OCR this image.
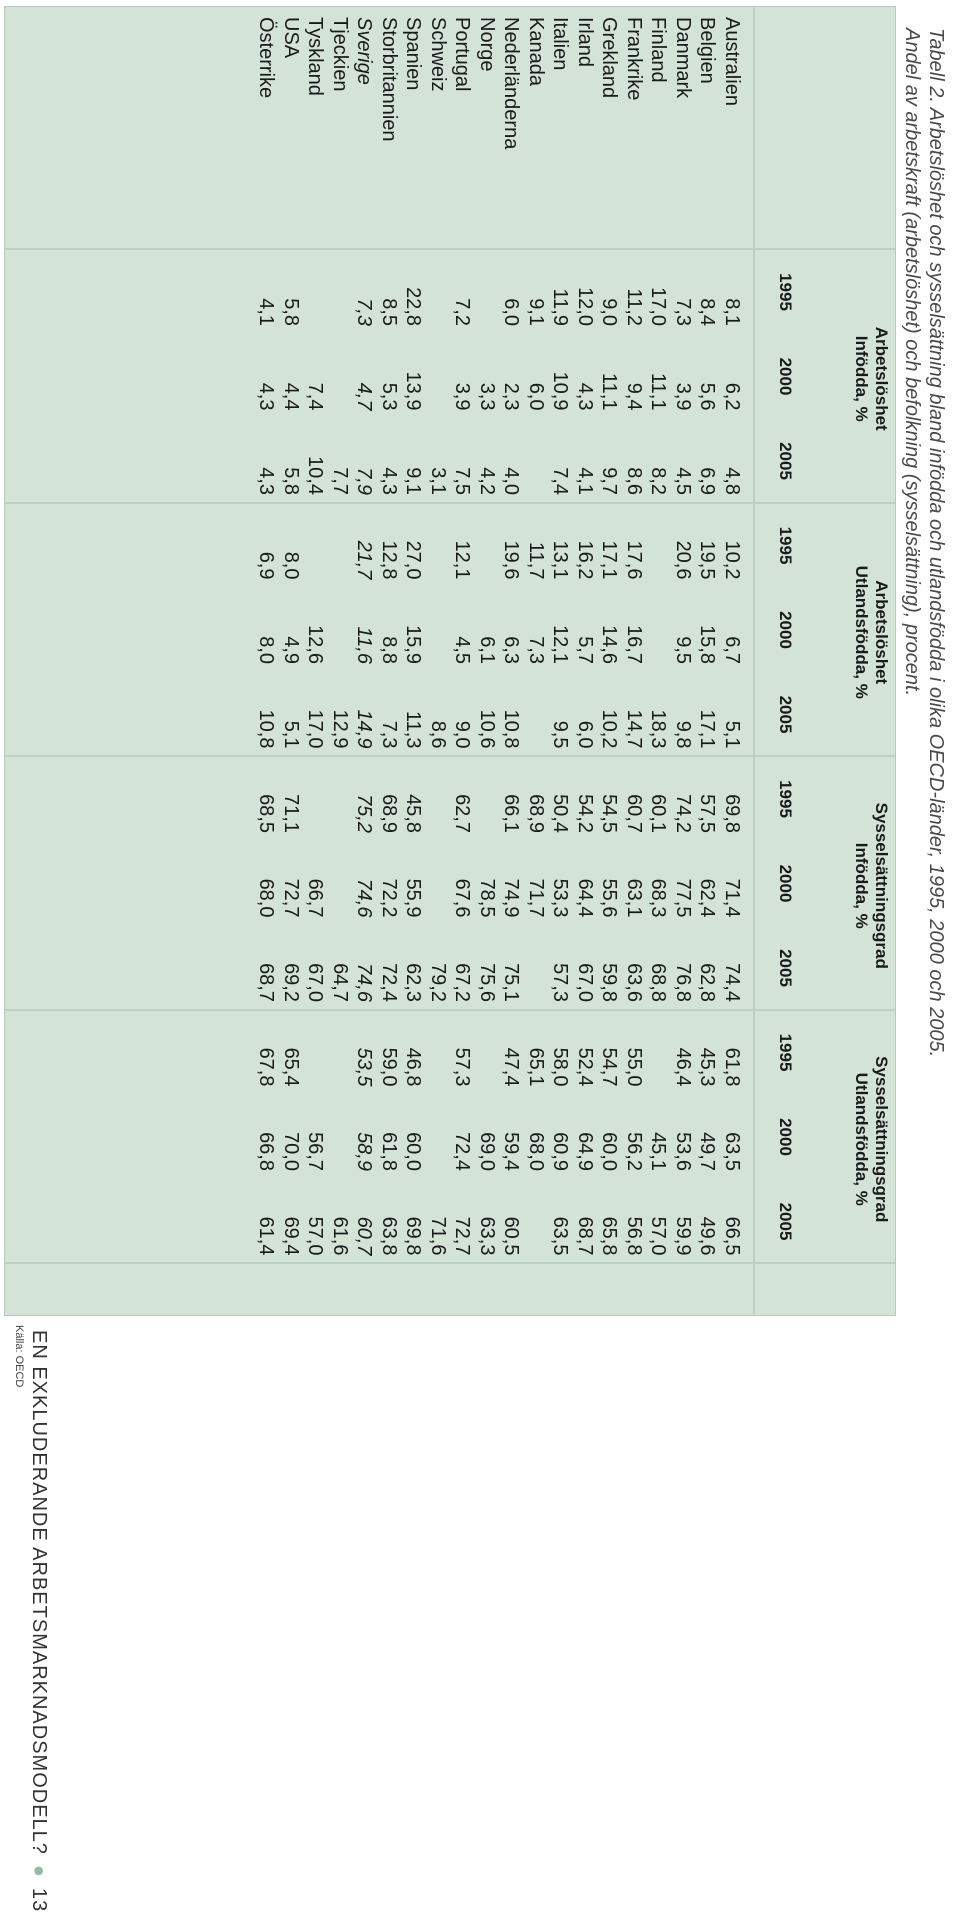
Tabell 2. Arbetslöshet och sysselsättning bland infödda och utlandsfödda i olika OECD-länder, 1995, 2000 och 2005.
Andel av arbetskraft (arbetslöshet) och befolkning (sysselsättning), procent.
Arbetslöshet
Infödda, %
1995
2000
2005
Arbetslöshet
Utlandsfödda, %
1995
2000
2005
Sysselsättningsgrad
Infödda, %
1995
2000
2005
Sysselsättningsgrad
Utlandsfödda, %
1995
2000
2005
Australien
8,1
6,2
4,8
10,2
6,7
5,1
69,8
71,4
74,4
61,8
63,5
66,5
Belgien
8,4
5,6
6,9
19,5
15,8
17,1
57,5
62,4
62,8
45,3
49,7
49,6
Danmark
7,3
3,9
4,5
20,6
9,5
9,8
74,2
77,5
76,8
46,4
53,6
59,9
Finland
17,0
11,1
8,2
18,3
60,1
68,3
68,8
45,1
57,0
Frankrike
11,2
9,4
8,6
17,6
16,7
14,7
60,7
63,1
63,6
55,0
56,2
56,8
Grekland
9,0
11,1
9,7
17,1
14,6
10,2
54,5
55,6
59,8
54,7
60,0
65,8
Irland
12,0
4,3
4,1
16,2
5,7
6,0
54,2
64,4
67,0
52,4
64,9
68,7
Italien
11,9
10,9
7,4
13,1
12,1
9,5
50,4
53,3
57,3
58,0
60,9
63,5
Kanada
9,1
6,0
11,7
7,3
68,9
71,7
65,1
68,0
Nederländerna
6,0
2,3
4,0
19,6
6,3
10,8
66,1
74,9
75,1
47,4
59,4
60,5
Norge
3,3
4,2
6,1
10,6
78,5
75,6
69,0
63,3
Portugal
7,2
3,9
7,5
12,1
4,5
9,0
62,7
67,6
67,2
57,3
72,4
72,7
Schweiz
3,1
8,6
79,2
71,6
Spanien
22,8
13,9
9,1
27,0
15,9
11,3
45,8
55,9
62,3
46,8
60,0
69,8
Storbritannien
8,5
5,3
4,3
12,8
8,8
7,3
68,9
72,2
72,4
59,0
61,8
63,8
Sverige
7,3
4,7
7,9
21,7
11,6
14,9
75,2
74,6
74,6
53,5
58,9
60,7
Tjeckien
7,7
12,9
64,7
61,6
Tyskland
7,4
10,4
12,6
17,0
66,7
67,0
56,7
57,0
USA
5,8
4,4
5,8
8,0
4,9
5,1
71,1
72,7
69,2
65,4
70,0
69,4
Österrike
4,1
4,3
4,3
6,9
8,0
10,8
68,5
68,0
68,7
67,8
66,8
61,4
Källa: OECD EN EXKLUDERANDE ARBETSMARKNADSMODELL?●13
